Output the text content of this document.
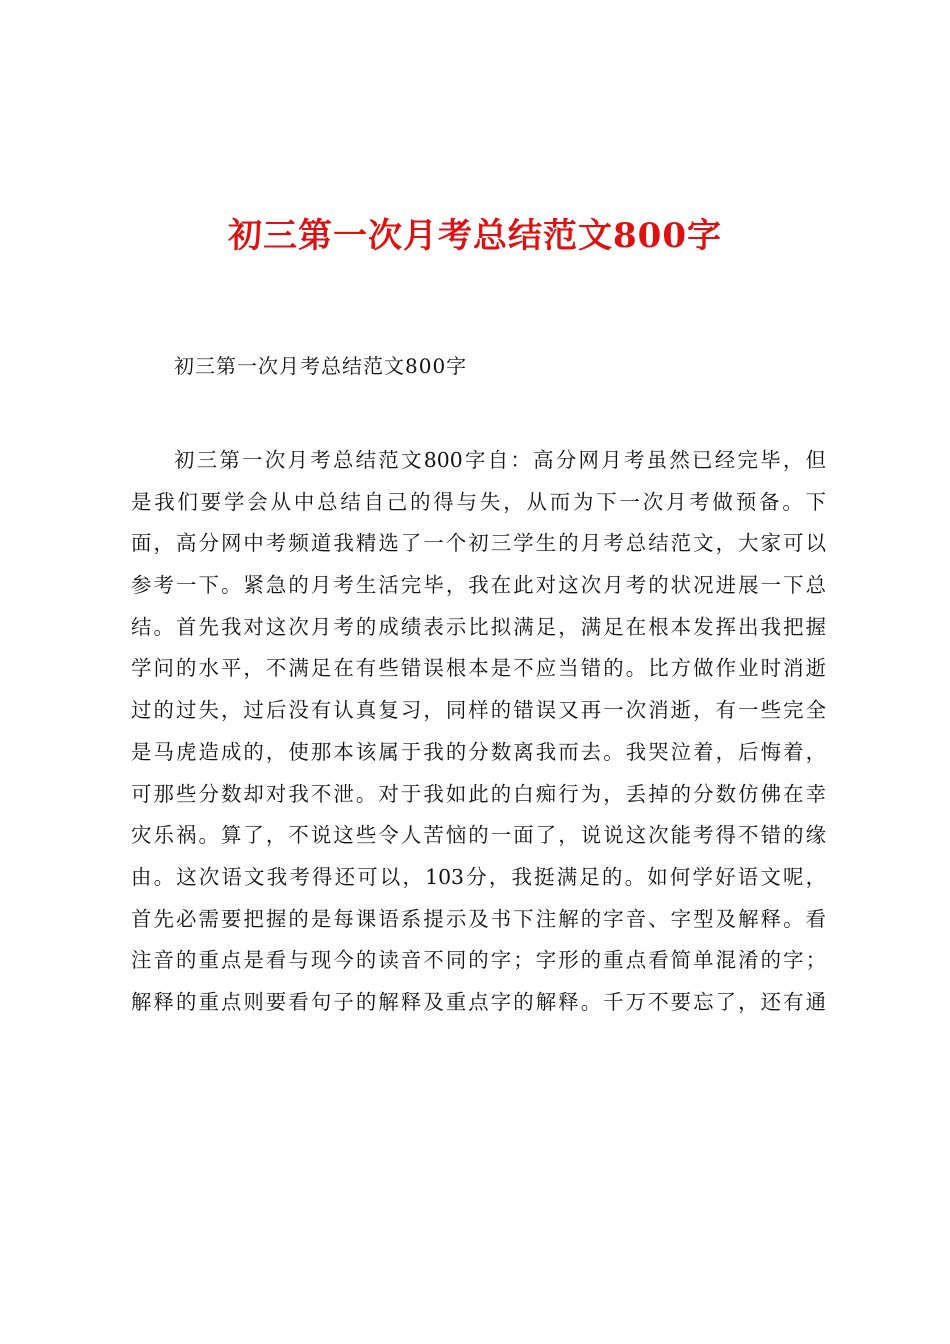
初三第一次月考总结范文800字

初三第一次月考总结范文800字

初三第一次月考总结范文800字自：高分网月考虽然已经完毕，但
是我们要学会从中总结自己的得与失，从而为下一次月考做预备。下
面，高分网中考频道我精选了一个初三学生的月考总结范文，大家可以
参考一下。紧急的月考生活完毕，我在此对这次月考的状况进展一下总
结。首先我对这次月考的成绩表示比拟满足，满足在根本发挥出我把握
学问的水平，不满足在有些错误根本是不应当错的。比方做作业时消逝
过的过失，过后没有认真复习，同样的错误又再一次消逝，有一些完全
是马虎造成的，使那本该属于我的分数离我而去。我哭泣着，后悔着，
可那些分数却对我不泄。对于我如此的白痴行为，丢掉的分数仿佛在幸
灾乐祸。算了，不说这些令人苦恼的一面了，说说这次能考得不错的缘
由。这次语文我考得还可以，103分，我挺满足的。如何学好语文呢，
首先必需要把握的是每课语系提示及书下注解的字音、字型及解释。看
注音的重点是看与现今的读音不同的字；字形的重点看简单混淆的字；
解释的重点则要看句子的解释及重点字的解释。千万不要忘了，还有通
